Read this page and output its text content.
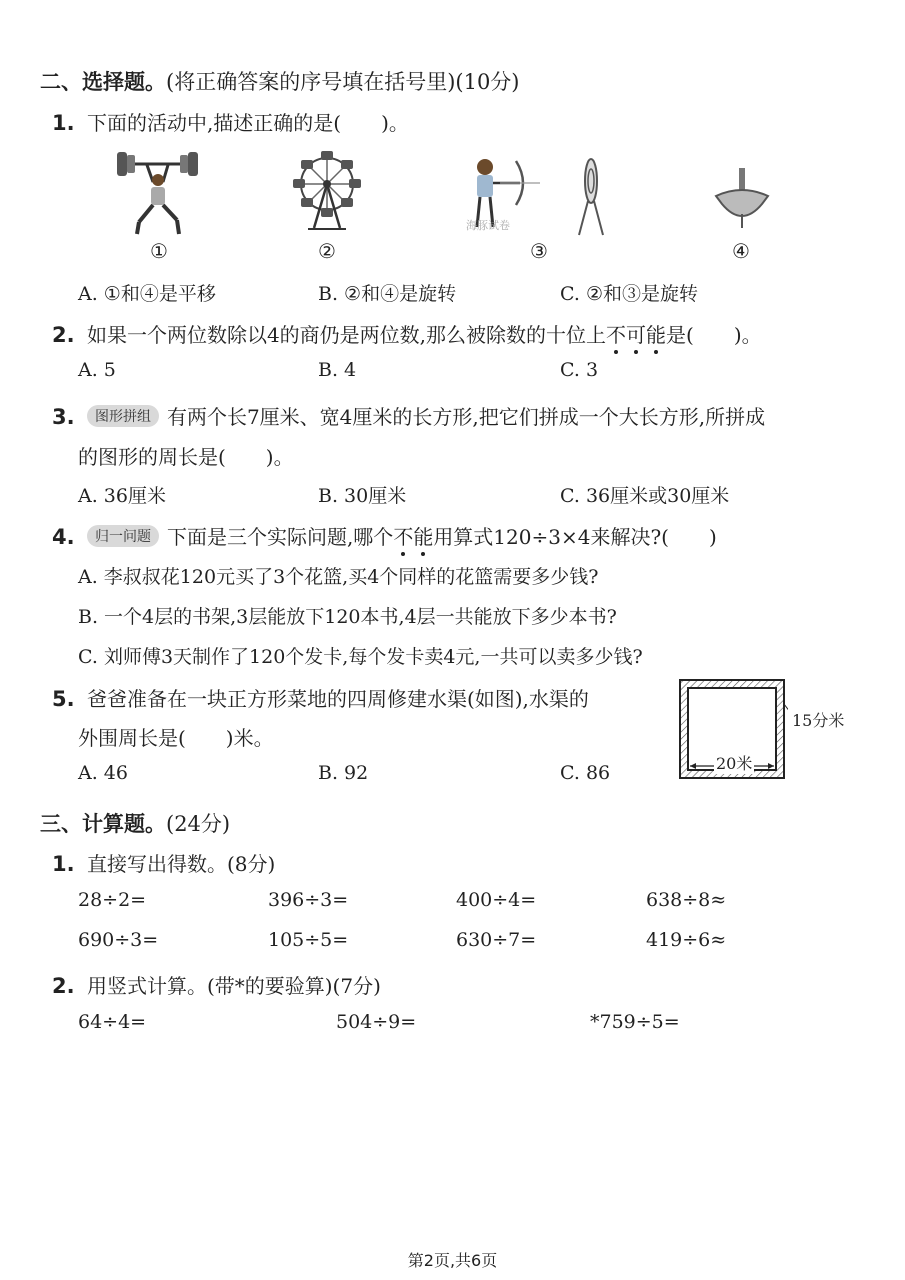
二、选择题。(将正确答案的序号填在括号里)(10分)
1. 下面的活动中,描述正确的是(　　)。
海豚试卷
①	②	③	④
A. ①和④是平移	B. ②和④是旋转	C. ②和③是旋转
2. 如果一个两位数除以4的商仍是两位数,那么被除数的十位上不可能是(　　)。
A. 5	B. 4	C. 3
3. 图形拼组 有两个长7厘米、宽4厘米的长方形,把它们拼成一个大长方形,所拼成
的图形的周长是(　　)。
A. 36厘米	B. 30厘米	C. 36厘米或30厘米
4. 归一问题 下面是三个实际问题,哪个不能用算式120÷3×4来解决?(　　)
A. 李叔叔花120元买了3个花篮,买4个同样的花篮需要多少钱?
B. 一个4层的书架,3层能放下120本书,4层一共能放下多少本书?
C. 刘师傅3天制作了120个发卡,每个发卡卖4元,一共可以卖多少钱?
5. 爸爸准备在一块正方形菜地的四周修建水渠(如图),水渠的
外围周长是(　　)米。
A. 46	B. 92	C. 86
15分米
20米
三、计算题。(24分)
1. 直接写出得数。(8分)
28÷2=	396÷3=	400÷4=	638÷8≈
690÷3=	105÷5=	630÷7=	419÷6≈
2. 用竖式计算。(带*的要验算)(7分)
64÷4=	504÷9=	*759÷5=
第2页,共6页
